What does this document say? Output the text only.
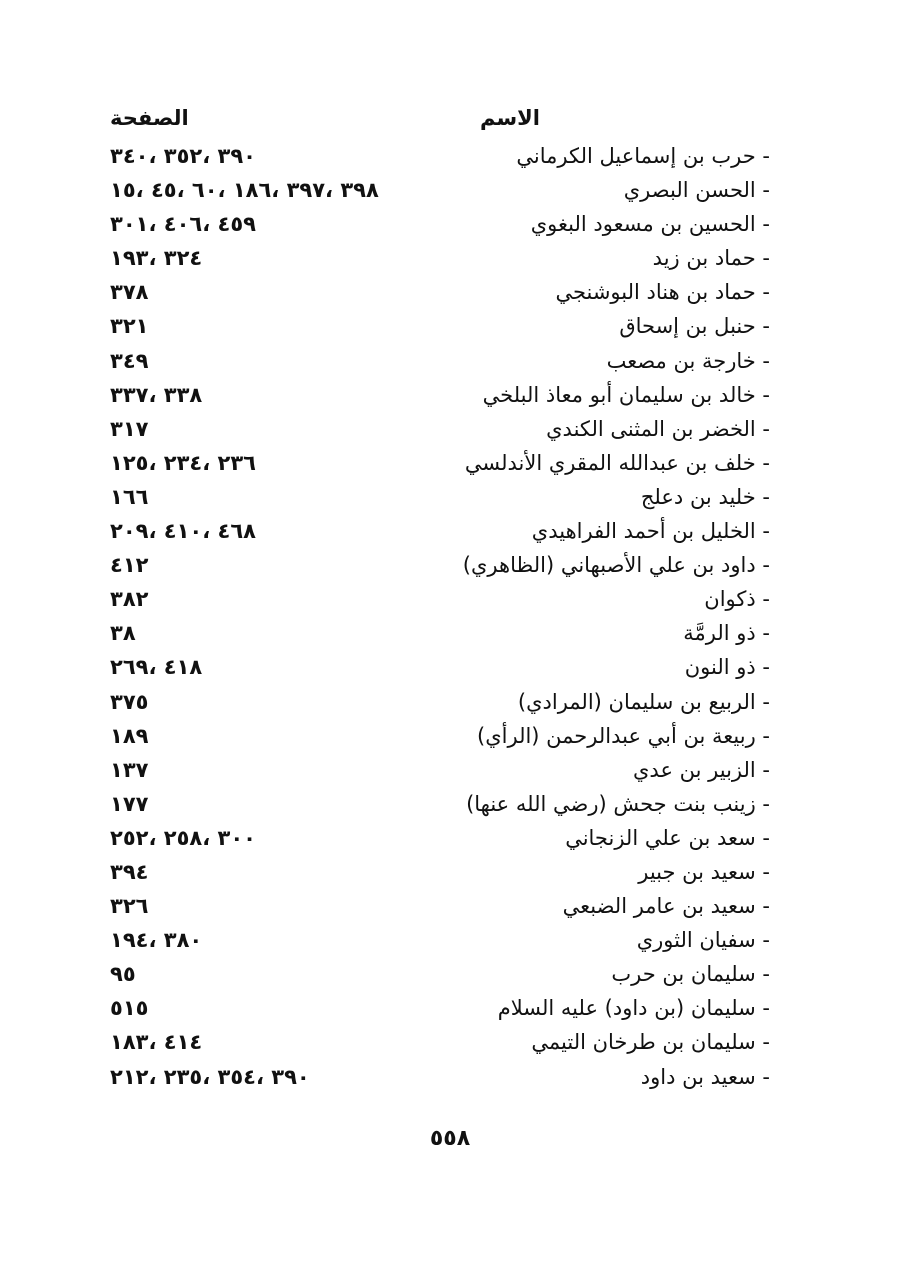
الاسم
الصفحة
- حرب بن إسماعيل الكرماني
٣٩٠ ،٣٥٢ ،٣٤٠
- الحسن البصري
٣٩٨ ،٣٩٧ ،١٨٦ ،٦٠ ،٤٥ ،١٥
- الحسين بن مسعود البغوي
٤٥٩ ،٤٠٦ ،٣٠١
- حماد بن زيد
٣٢٤ ،١٩٣
- حماد بن هناد البوشنجي
٣٧٨
- حنبل بن إسحاق
٣٢١
- خارجة بن مصعب
٣٤٩
- خالد بن سليمان أبو معاذ البلخي
٣٣٨ ،٣٣٧
- الخضر بن المثنى الكندي
٣١٧
- خلف بن عبدالله المقري الأندلسي
٢٣٦ ،٢٣٤ ،١٢٥
- خليد بن دعلج
١٦٦
- الخليل بن أحمد الفراهيدي
٤٦٨ ،٤١٠ ،٢٠٩
- داود بن علي الأصبهاني (الظاهري)
٤١٢
- ذكوان
٣٨٢
- ذو الرمَّة
٣٨
- ذو النون
٤١٨ ،٢٦٩
- الربيع بن سليمان (المرادي)
٣٧٥
- ربيعة بن أبي عبدالرحمن (الرأي)
١٨٩
- الزبير بن عدي
١٣٧
- زينب بنت جحش (رضي الله عنها)
١٧٧
- سعد بن علي الزنجاني
٣٠٠ ،٢٥٨ ،٢٥٢
- سعيد بن جبير
٣٩٤
- سعيد بن عامر الضبعي
٣٢٦
- سفيان الثوري
٣٨٠ ،١٩٤
- سليمان بن حرب
٩٥
- سليمان (بن داود) عليه السلام
٥١٥
- سليمان بن طرخان التيمي
٤١٤ ،١٨٣
- سعيد بن داود
٣٩٠ ،٣٥٤ ،٢٣٥ ،٢١٢
٥٥٨
